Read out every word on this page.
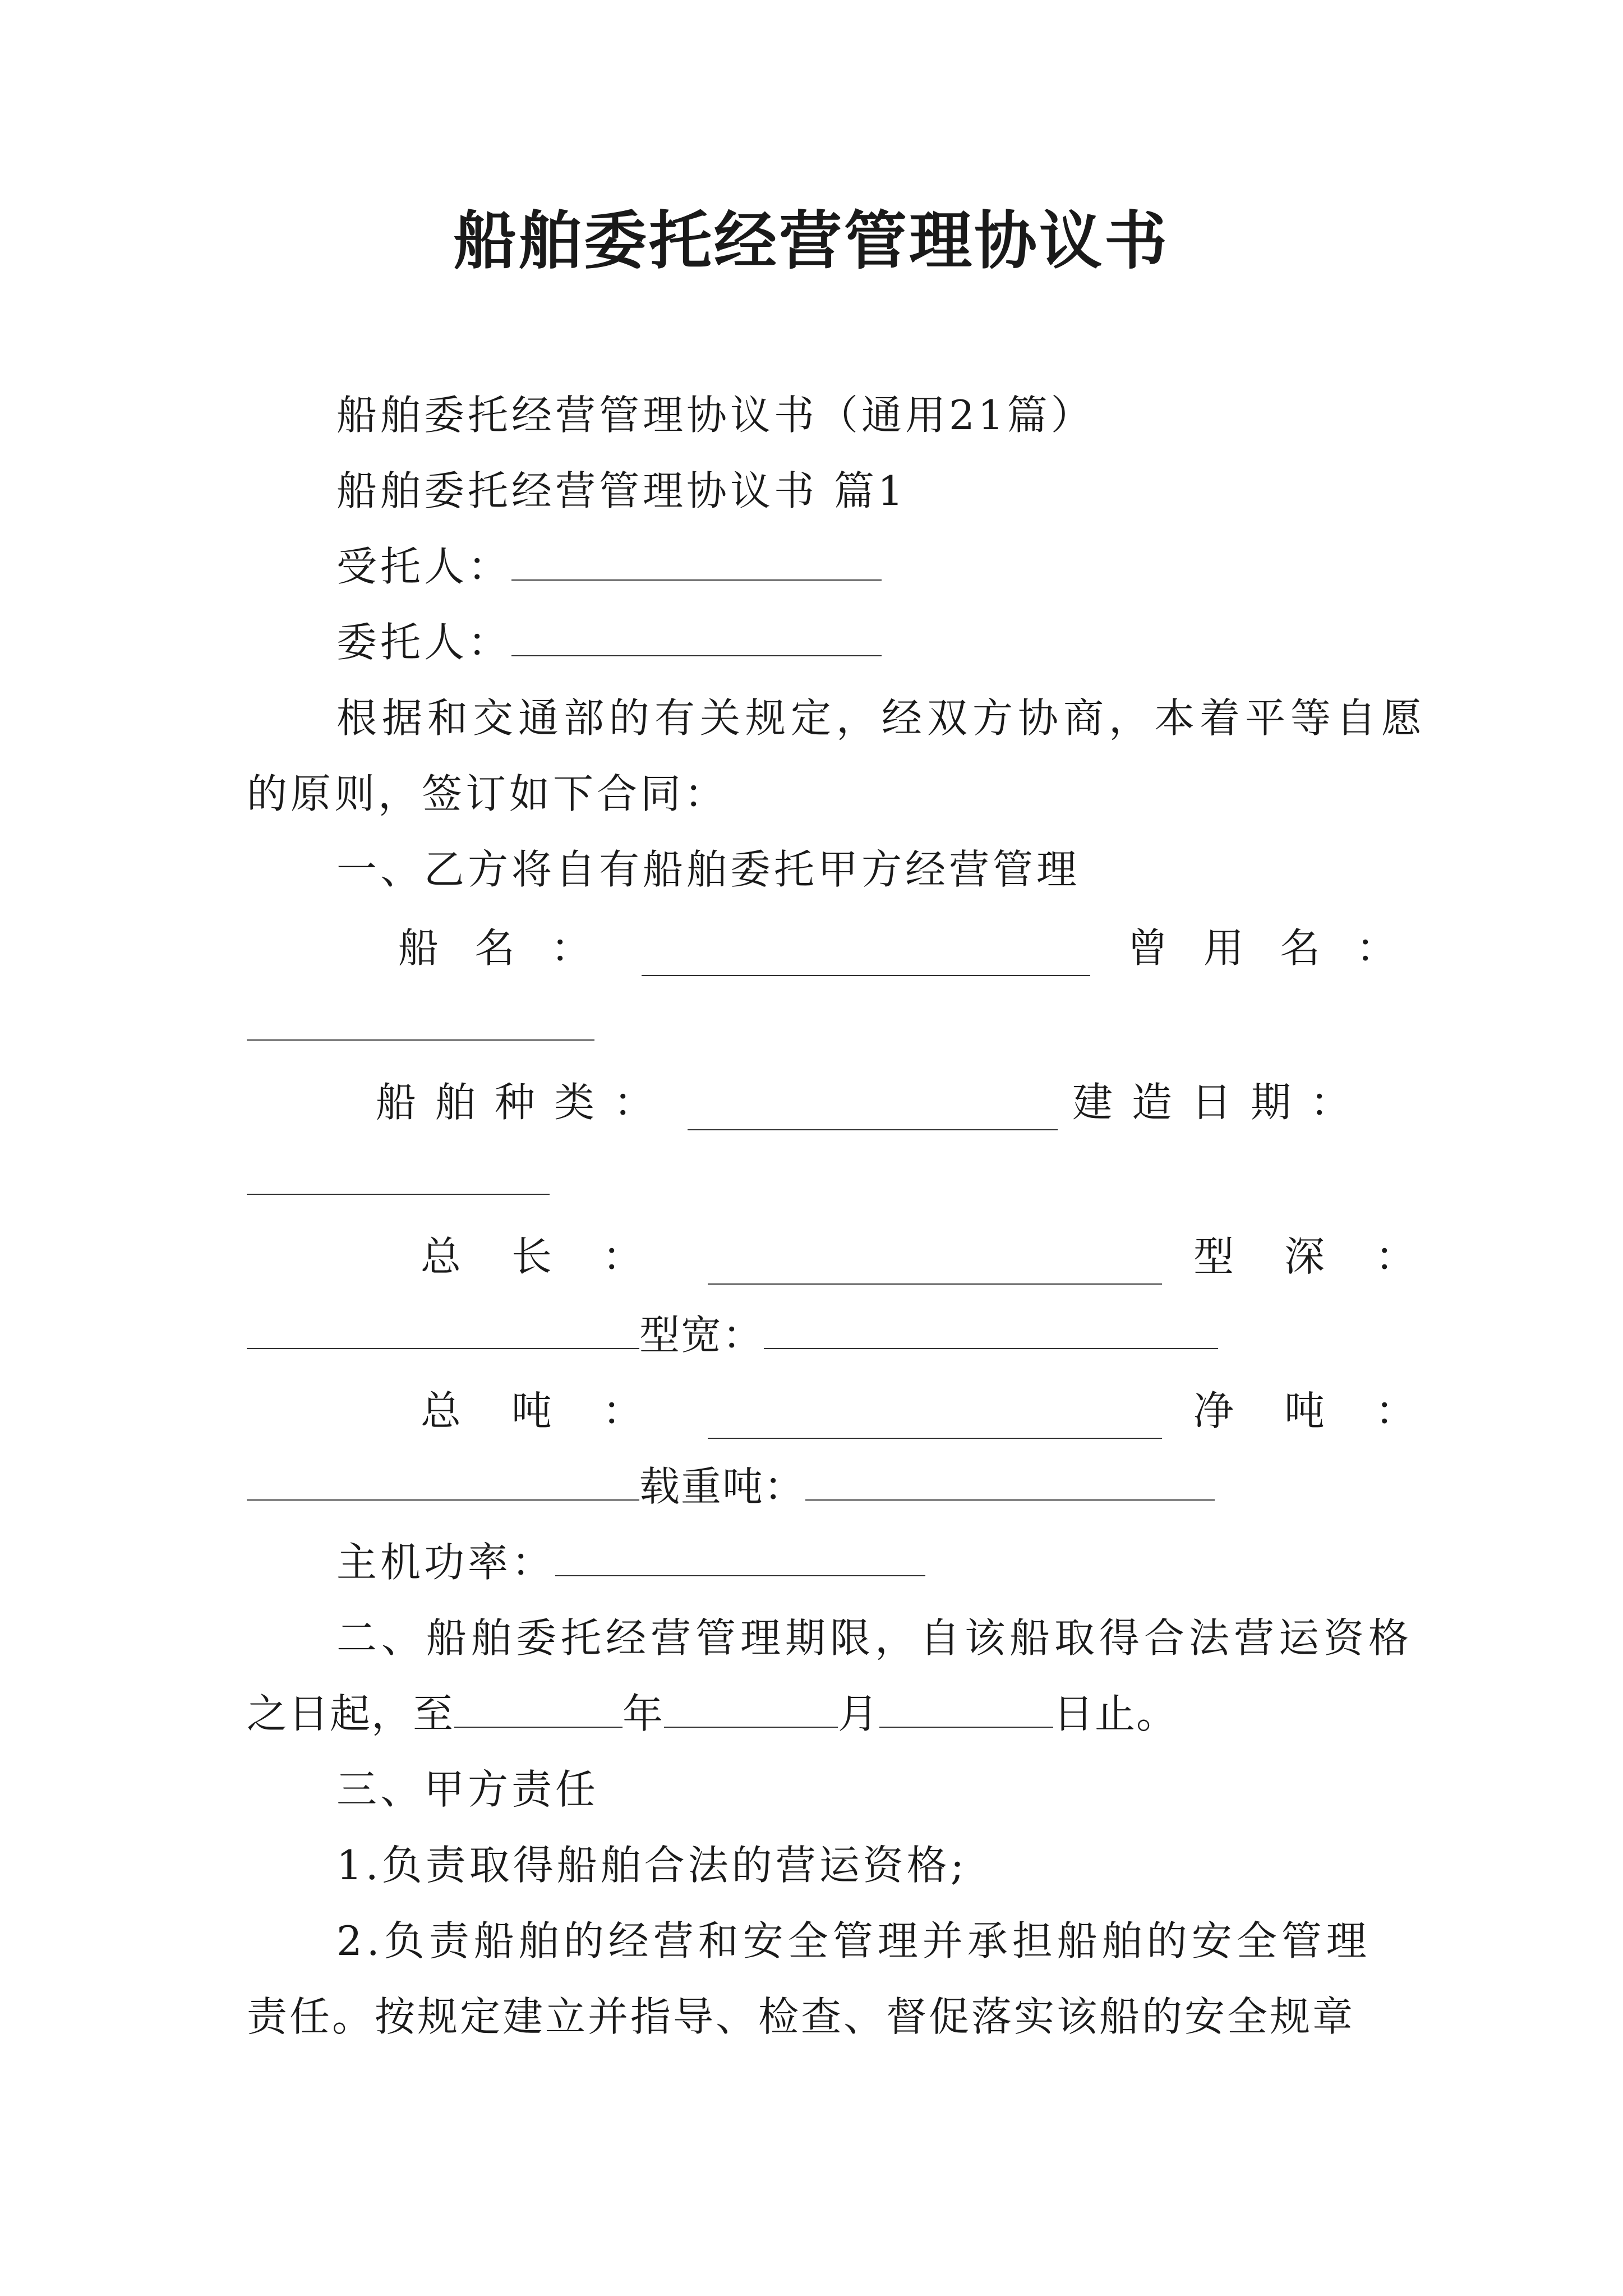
船舶委托经营管理协议书
船舶委托经营管理协议书（通用21篇）
船舶委托经营管理协议书 篇1
受托人：
委托人：
根据和交通部的有关规定，经双方协商，本着平等自愿
的原则，签订如下合同：
一、乙方将自有船舶委托甲方经营管理
船名：	曾用名：
船舶种类：	建造日期：
总长：	型深：
型宽：
总吨：	净吨：
载重吨：
主机功率：
二、船舶委托经营管理期限，自该船取得合法营运资格
之日起，至	年	月	日止。
三、甲方责任
1.负责取得船舶合法的营运资格;
2.负责船舶的经营和安全管理并承担船舶的安全管理
责任。按规定建立并指导、检查、督促落实该船的安全规章
